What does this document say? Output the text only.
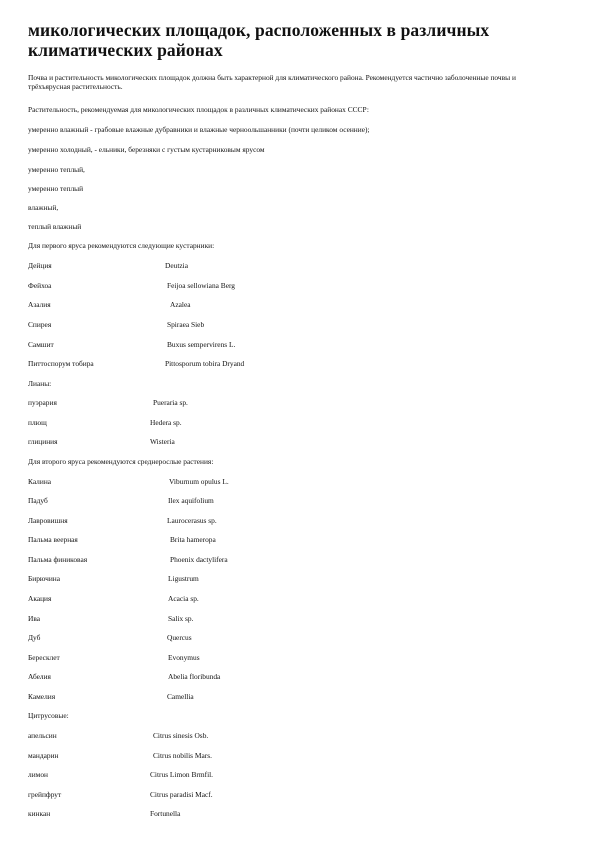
микологических площадок, расположенных в различных климатических районах
Почва и растительность микологических площадок должна быть характерной для климатического района. Рекомендуется частично заболоченные почвы и трёхъярусная растительность.
Растительность, рекомендуемая для микологических площадок в различных климатических районах СССР:
умеренно влажный - грабовые влажные дубравники и влажные черноольшанники (почти целиком осенние);
умеренно холодный, - ельники, березняки с густым кустарниковым ярусом
умеренно теплый,
умеренно теплый
влажный,
теплый влажный
Для первого яруса рекомендуются следующие кустарники:
Дейция	Deutzia
Фейхоа	Feijoa sellowiana Berg
Азалия	Azalea
Спирея	Spiraea Sieb
Самшит	Buxus sempervirens L.
Питтоспорум тобира	Pittosporum tobira Dryand
Лианы:
пуэрария	Pueraria sp.
плющ	Hedera sp.
глициния	Wisteria
Для второго яруса рекомендуются среднерослые растения:
Калина	Viburnum opulus L.
Падуб	Ilex aquifolium
Лавровишня	Laurocerasus sp.
Пальма веерная	Brita hameropa
Пальма финиковая	Phoenix dactylifera
Бирючина	Ligustrum
Акация	Acacia sp.
Ива	Salix sp.
Дуб	Quercus
Бересклет	Evonymus
Абелия	Abelia floribunda
Камелия	Camellia
Цитрусовые:
апельсин	Citrus sinesis Osb.
мандарин	Citrus nobilis Mars.
лимон	Citrus Limon Brmfil.
грейпфрут	Citrus paradisi Macf.
кинкан	Fortunella
